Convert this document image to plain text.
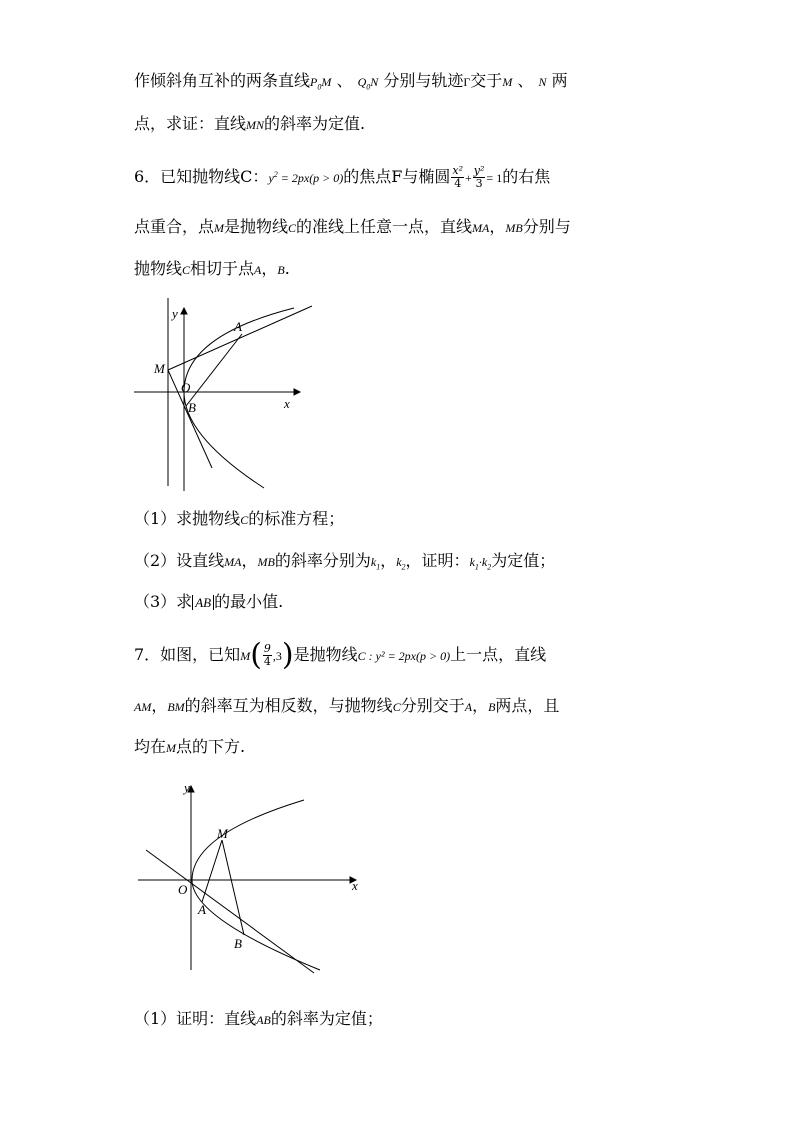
作倾斜角互补的两条直线$P_0M$ 、 $Q_0N$ 分别与轨迹Γ交于M 、 N 两
点，求证：直线MN的斜率为定值.
6．已知抛物线C：$y^2 = 2px(p > 0)$的焦点F与椭圆 $\frac{\text{x²}}{4} + \frac{\text{y²}}{3} = 1$的右焦
点重合，点M是抛物线C的准线上任意一点，直线MA，MB分别与
抛物线C相切于点A，B.
y
x
M
O
A
B
（1）求抛物线C的标准方程；
（2）设直线MA，MB的斜率分别为$k_1$，$k_2$，证明：$k_1\cdot k_2$为定值；
（3）求 AB 的最小值.
7．如图，已知$M( \frac{9}{4} ,3)$是抛物线C : y² = 2px(p > 0)上一点，直线
AM，BM的斜率互为相反数，与抛物线C分别交于A，B两点，且
均在M点的下方.
y
x
O
M
A
B
（1）证明：直线AB的斜率为定值；
